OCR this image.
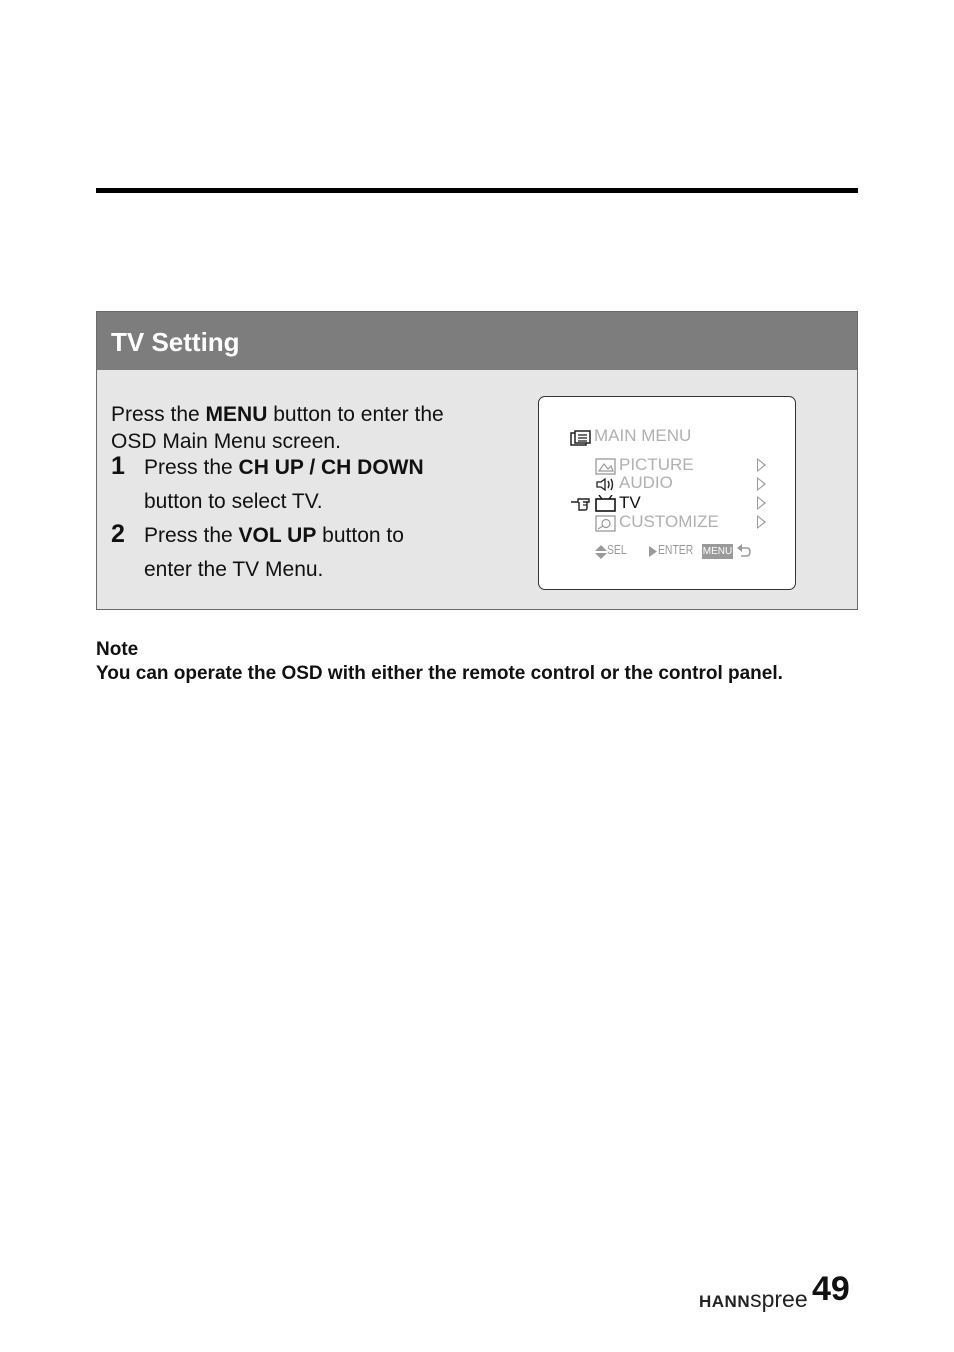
TV Setting
Press the MENU button to enter the OSD Main Menu screen.
1 Press the CH UP / CH DOWN
button to select TV.
2 Press the VOL UP button to
enter the TV Menu.
MAIN MENU
PICTURE
AUDIO
TV
CUSTOMIZE
SEL ENTER MENU
Note
You can operate the OSD with either the remote control or the control panel.
HANNspree 49
